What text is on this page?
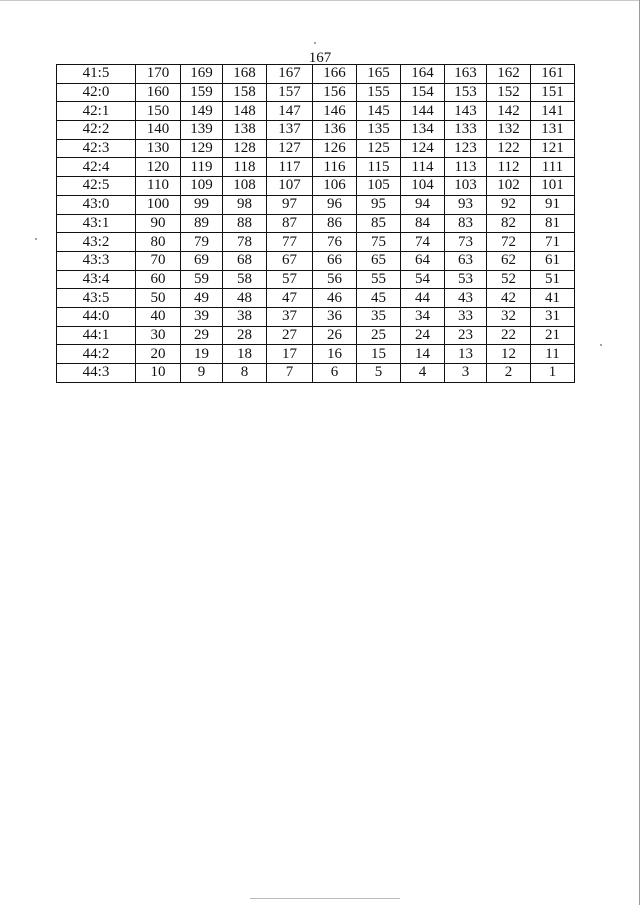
167
41:5	170	169	168	167	166	165	164	163	162	161
42:0	160	159	158	157	156	155	154	153	152	151
42:1	150	149	148	147	146	145	144	143	142	141
42:2	140	139	138	137	136	135	134	133	132	131
42:3	130	129	128	127	126	125	124	123	122	121
42:4	120	119	118	117	116	115	114	113	112	111
42:5	110	109	108	107	106	105	104	103	102	101
43:0	100	99	98	97	96	95	94	93	92	91
43:1	90	89	88	87	86	85	84	83	82	81
43:2	80	79	78	77	76	75	74	73	72	71
43:3	70	69	68	67	66	65	64	63	62	61
43:4	60	59	58	57	56	55	54	53	52	51
43:5	50	49	48	47	46	45	44	43	42	41
44:0	40	39	38	37	36	35	34	33	32	31
44:1	30	29	28	27	26	25	24	23	22	21
44:2	20	19	18	17	16	15	14	13	12	11
44:3	10	9	8	7	6	5	4	3	2	1
